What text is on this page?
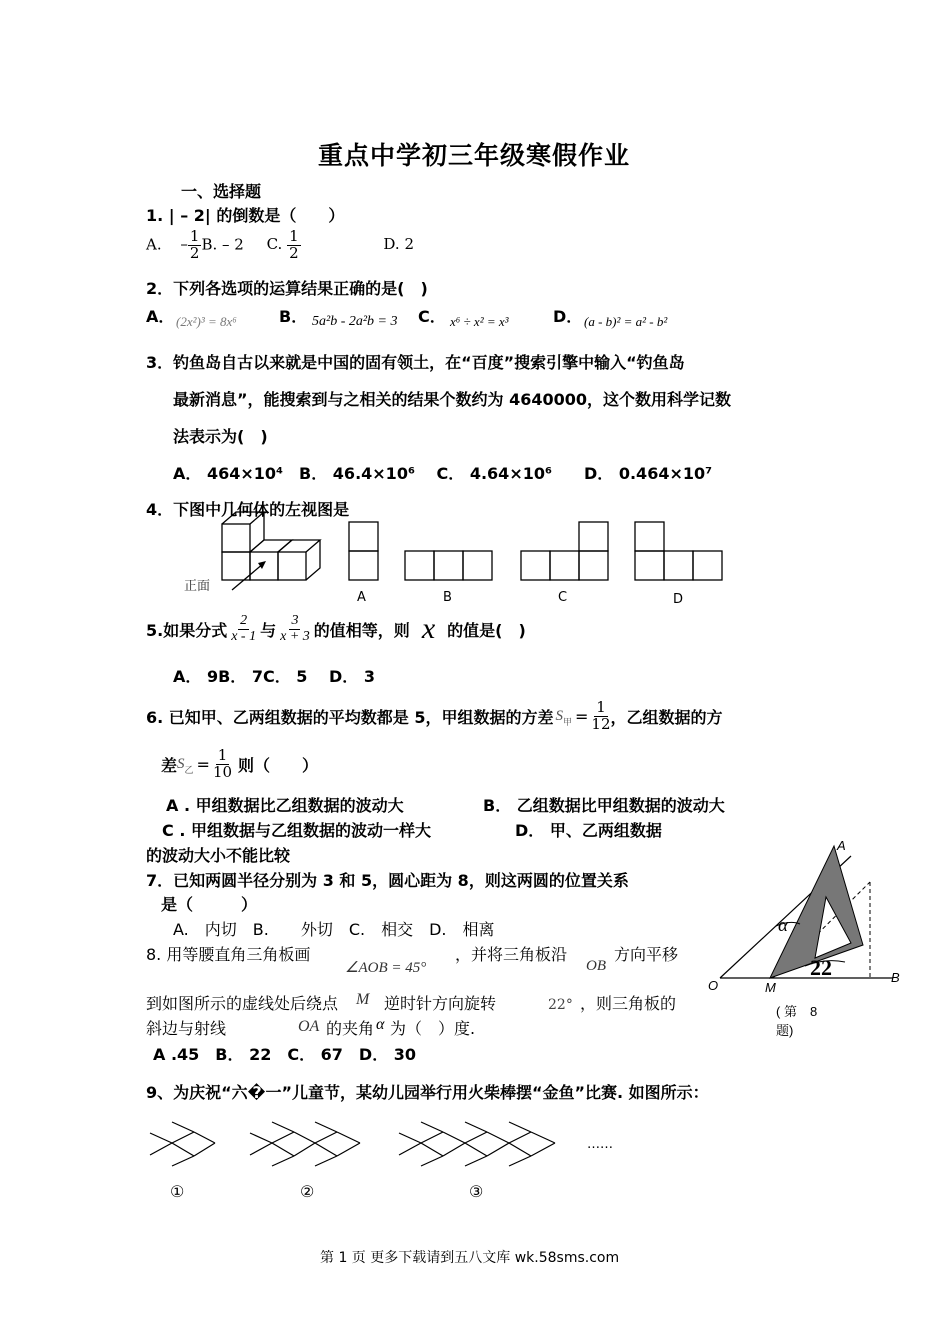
重点中学初三年级寒假作业
一、选择题
1. | – 2| 的倒数是（　　）
A. – $\frac{1}{2} B$. – 2 C. $\frac{1}{2}$	D. 2
2．下列各选项的运算结果正确的是(　)
A． (2x²)³ = 8x⁶	B． 5a²b - 2a²b = 3 C． x⁶ ÷ x² = x³	D． (a - b)² = a² - b²
3．钓鱼岛自古以来就是中国的固有领土，在“百度”搜索引擎中输入“钓鱼岛
最新消息”，能搜索到与之相关的结果个数约为 4640000，这个数用科学记数
法表示为(　)
A． 464×10⁴　B． 46.4×10⁶　 C． 4.64×10⁶　　D． 0.464×10⁷
4．下图中几何体的左视图是
正面
A	B	C	D
5.如果分式 $\frac{2}{x - 1}$ 与 $\frac{3}{x + 3}$ 的值相等，则 x 的值是(　)
A． 9B． 7C． 5　 D． 3
6. 已知甲、乙两组数据的平均数都是 5，甲组数据的方差 S 甲 = $\frac{1}{12}$ ，乙组数据的方
差 S 乙 = $\frac{1}{10}$ 则（　　）
A . 甲组数据比乙组数据的波动大	B． 乙组数据比甲组数据的波动大
C . 甲组数据与乙组数据的波动一样大	D． 甲、乙两组数据
的波动大小不能比较
7．已知两圆半径分别为 3 和 5，圆心距为 8，则这两圆的位置关系
是（　　　）
A.　内切　B.　　外切　C.　相交　D.　相离
8. 用等腰直角三角板画
∠AOB = 45°
，并将三角板沿
OB
方向平移
到如图所示的虚线处后绕点 M 逆时针方向旋转	22° ，则三角板的
斜边与射线	OA 的夹角 α 为（　）度.
A .45　B． 22　C． 67　D． 30
A
B
O	M
α
22
( 第　8
题)
9、为庆祝“六�一”儿童节，某幼儿园举行用火柴棒摆“金鱼”比赛. 如图所示：
……
①	②	③
第 1 页 更多下载请到五八文库 wk.58sms.com
